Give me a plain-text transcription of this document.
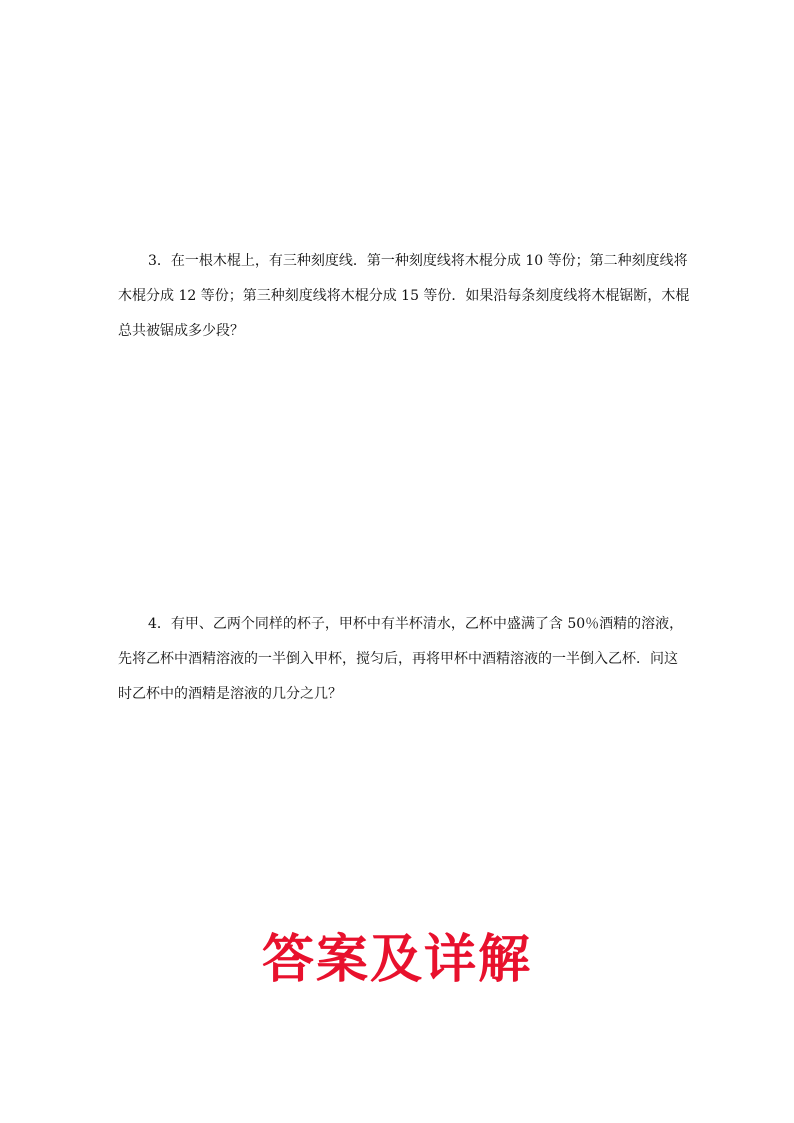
3．在一根木棍上，有三种刻度线．第一种刻度线将木棍分成 10 等份；第二种刻度线将
木棍分成 12 等份；第三种刻度线将木棍分成 15 等份．如果沿每条刻度线将木棍锯断，木棍
总共被锯成多少段？
4．有甲、乙两个同样的杯子，甲杯中有半杯清水，乙杯中盛满了含 50％酒精的溶液，
先将乙杯中酒精溶液的一半倒入甲杯，搅匀后，再将甲杯中酒精溶液的一半倒入乙杯．问这
时乙杯中的酒精是溶液的几分之几？
答案及详解
